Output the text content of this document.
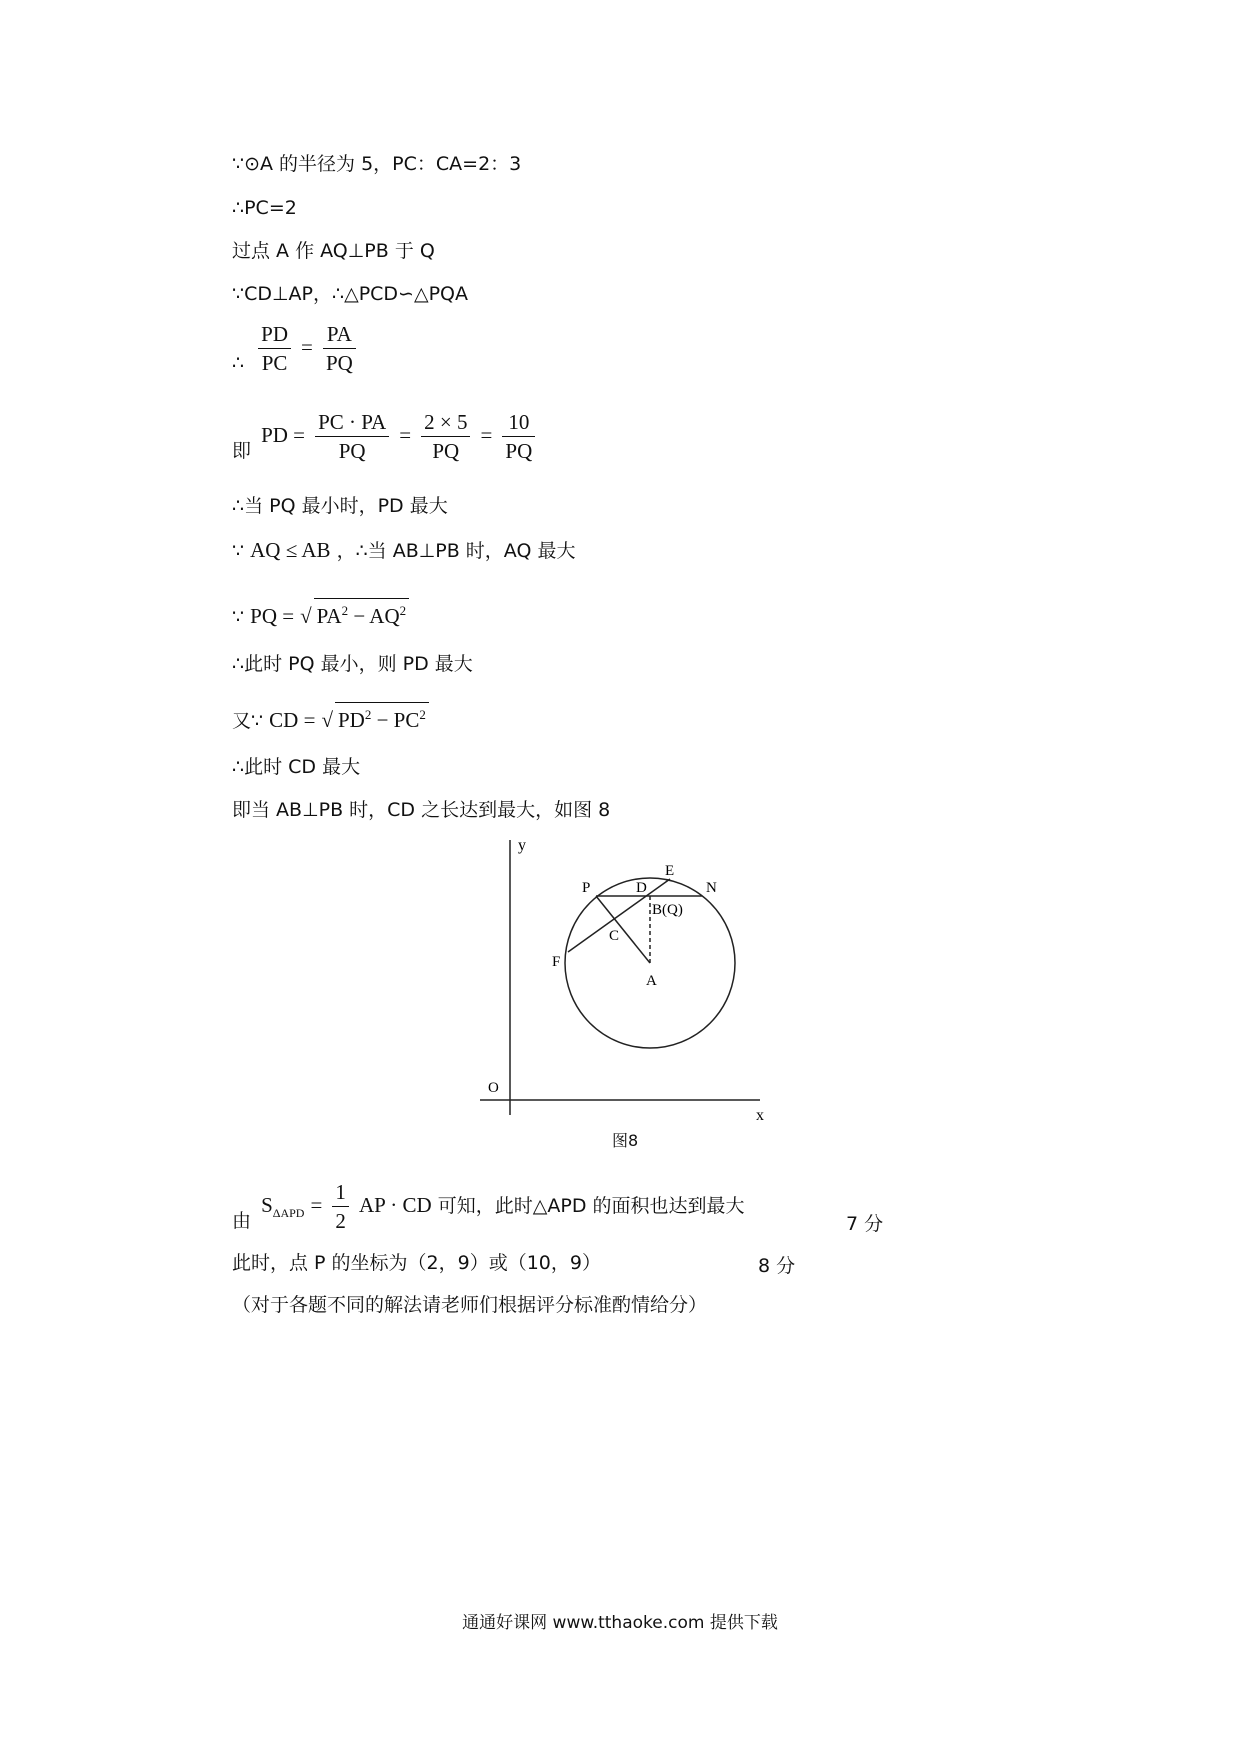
∵⊙A 的半径为 5，PC：CA=2：3
∴PC=2
过点 A 作 AQ⊥PB 于 Q
∵CD⊥AP，∴△PCD∽△PQA
∴ $\frac{PD}{PC} = \frac{PA}{PQ}$
即 PD = $\frac{PC \cdot PA}{PQ} = \frac{2 \times 5}{PQ} = \frac{10}{PQ}$
∴当 PQ 最小时，PD 最大
∵ AQ ≤ AB ，∴当 AB⊥PB 时，AQ 最大
∵ PQ = √ $PA^2 - AQ^2$
∴此时 PQ 最小，则 PD 最大
又∵ CD = √ $PD^2 - PC^2$
∴此时 CD 最大
即当 AB⊥PB 时，CD 之长达到最大，如图 8
y
x
O
P	D
E
N
B(Q)
C
F
A
图8
由 $S_{\Delta APD} = \frac{1}{2}$ AP · CD 可知，此时△APD 的面积也达到最大
7 分
此时，点 P 的坐标为（2，9）或（10，9）	8 分
（对于各题不同的解法请老师们根据评分标准酌情给分）
通通好课网 www.tthaoke.com 提供下载
